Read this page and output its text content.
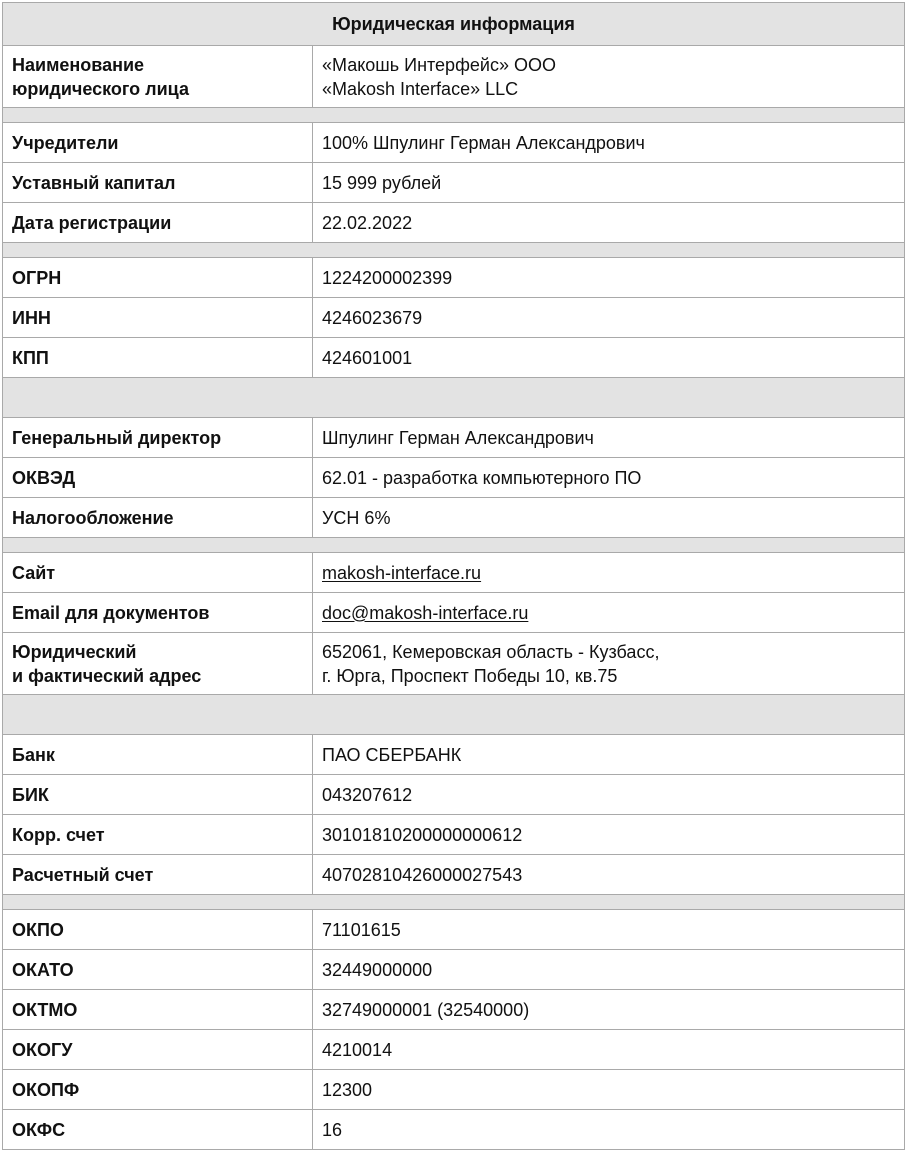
Юридическая информация	

Наименование
юридического лица	«Макошь Интерфейс» ООО
«Makosh Interface» LLC

Учредители	100% Шпулинг Герман Александрович

Уставный капитал	15 999 рублей

Дата регистрации	22.02.2022

ОГРН	1224200002399

ИНН	4246023679

КПП	424601001

Генеральный директор	Шпулинг Герман Александрович

ОКВЭД	62.01 - разработка компьютерного ПО

Налогообложение	УСН 6%

Сайт	makosh-interface.ru

Email для документов	doc@makosh-interface.ru

Юридический
и фактический адрес	652061, Кемеровская область - Кузбасс,
г. Юрга, Проспект Победы 10, кв.75

Банк	ПАО СБЕРБАНК

БИК	043207612

Корр. счет	30101810200000000612

Расчетный счет	40702810426000027543

ОКПО	71101615

ОКАТО	32449000000

ОКТМО	32749000001 (32540000)

ОКОГУ	4210014

ОКОПФ	12300

ОКФС	16
